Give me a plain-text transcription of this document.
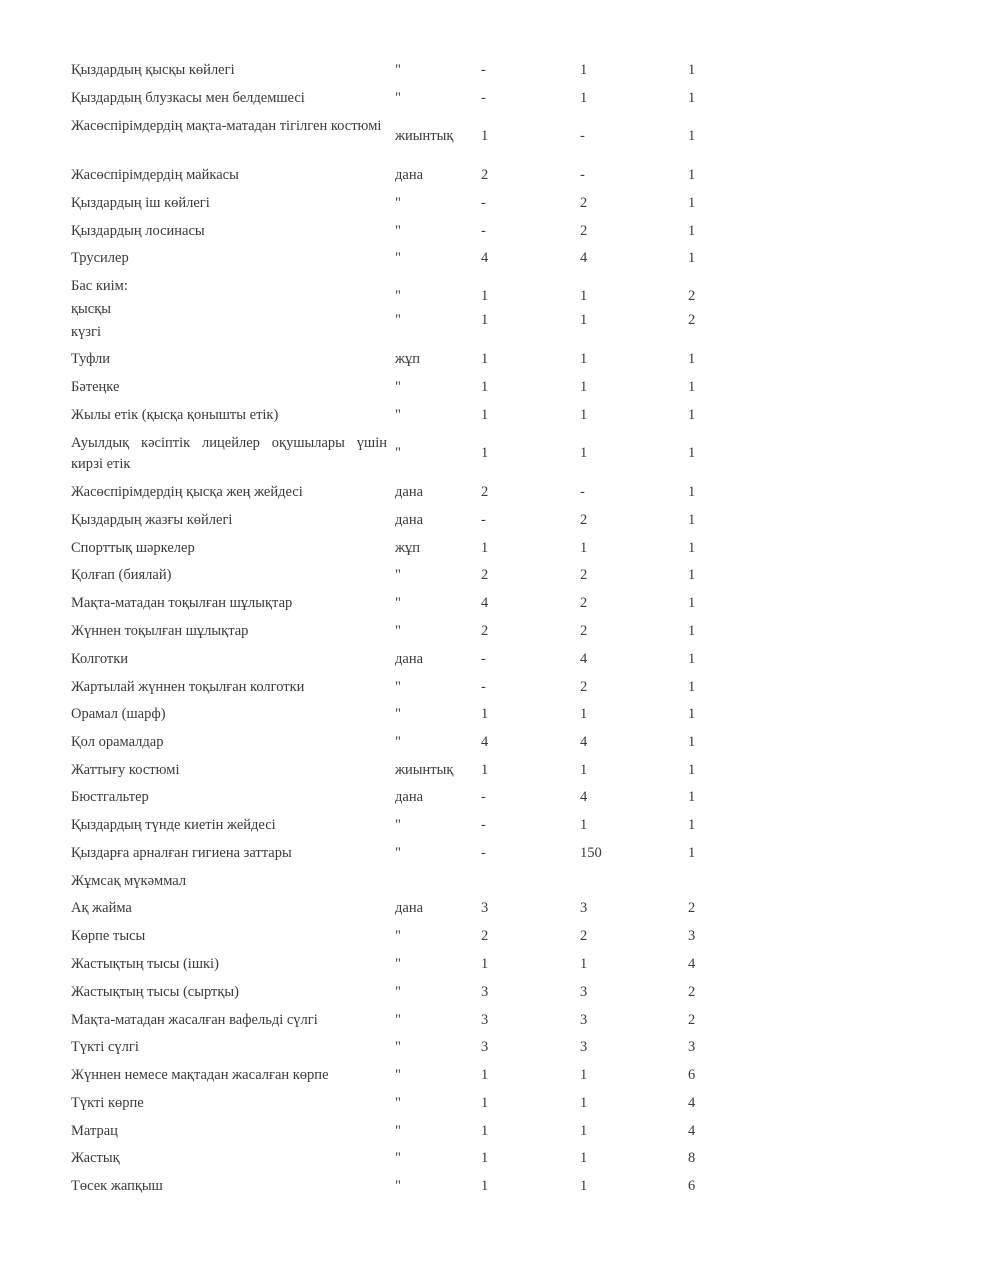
Қыздардың қысқы көйлегі	"	-	1	1
Қыздардың блузкасы мен белдемшесі	"	-	1	1
Жасөспірімдердің мақта-матадан тігілген костюмі
жиынтық 1	-	1
Жасөспірімдердің майкасы	дана	2	-	1
Қыздардың іш көйлегі	"	-	2	1
Қыздардың лосинасы	"	-	2	1
Трусилер	"	4	4	1
Бас киім:
қысқы
"	1	1	2
күзгі
"	1	1	2
Туфли	жұп	1	1	1
Бәтеңке	"	1	1	1
Жылы етік (қысқа қонышты етік)	"	1	1	1
Ауылдық кәсіптік лицейлер оқушылары үшін кирзі етік
"	1	1	1
Жасөспірімдердің қысқа жең жейдесі	дана	2	-	1
Қыздардың жазғы көйлегі	дана	-	2	1
Спорттық шәркелер	жұп	1	1	1
Қолғап (биялай)	"	2	2	1
Мақта-матадан тоқылған шұлықтар	"	4	2	1
Жүннен тоқылған шұлықтар	"	2	2	1
Колготки	дана	-	4	1
Жартылай жүннен тоқылған колготки	"	-	2	1
Орамал (шарф)	"	1	1	1
Қол орамалдар	"	4	4	1
Жаттығу костюмі	жиынтық 1	1	1
Бюстгальтер	дана	-	4	1
Қыздардың түнде киетін жейдесі	"	-	1	1
Қыздарға арналған гигиена заттары	"	-	150	1
Жұмсақ мүкәммал
Ақ жайма	дана	3	3	2
Көрпе тысы	"	2	2	3
Жастықтың тысы (ішкі)	"	1	1	4
Жастықтың тысы (сыртқы)	"	3	3	2
Мақта-матадан жасалған вафельді сүлгі	"	3	3	2
Түкті сүлгі	"	3	3	3
Жүннен немесе мақтадан жасалған көрпе	"	1	1	6
Түкті көрпе	"	1	1	4
Матрац	"	1	1	4
Жастық	"	1	1	8
Төсек жапқыш	"	1	1	6
